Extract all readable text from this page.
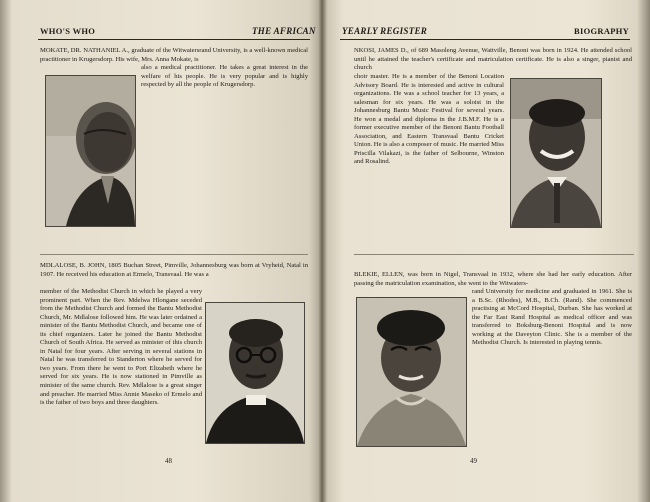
WHO'S WHO	THE AFRICAN

MOKATE, DR. NATHANIEL A., graduate of the Witwatersrand University, is a well-known medical practitioner in Krugersdorp. His wife, Mrs. Anna Mokate, is

also a medical practitioner. He takes a great interest in the welfare of his people. He is very popular and is highly respected by all the people of Krugersdorp.

MDLALOSE, B. JOHN, 1805 Buchan Street, Pimville, Johannesburg was born at Vryheid, Natal in 1907. He received his education at Ermelo, Transvaal. He was a

member of the Methodist Church in which he played a very prominent part. When the Rev. Mdelwa Hlongane seceded from the Methodist Church and formed the Bantu Methodist Church, Mr. Mdlalose followed him. He was later ordained a minister of the Bantu Methodist Church, and became one of its chief organizers. Later he joined the Bantu Methodist Church of South Africa. He served as minister of this church in Natal for four years. After serving in several stations in Natal he was transferred to Standerton where he served for two years. From there he went to Port Elizabeth where he served for six years. He is now stationed in Pimville as minister of the same church. Rev. Mdlalose is a great singer and preacher. He married Miss Annie Maseko of Ermelo and is the father of two boys and three daughters.

48
YEARLY REGISTER	BIOGRAPHY

NKOSI, JAMES D., of 689 Masoleng Avenue, Wattville, Benoni was born in 1924. He attended school until he attained the teacher's certificate and matriculation certificate. He is also a singer, pianist and church

choir master. He is a member of the Benoni Location Advisory Board. He is interested and active in cultural organizations. He was a school teacher for 13 years, a salesman for six years. He was a soloist in the Johannesburg Bantu Music Festival for several years. He won a medal and diploma in the J.B.M.F. He is a former executive member of the Benoni Bantu Football Association, and Eastern Transvaal Bantu Cricket Union. He is also a composer of music. He married Miss Priscilla Vilakazi, is the father of Selbourne, Winston and Rosalind.

BLEKIE, ELLEN, was born in Nigel, Transvaal in 1932, where she had her early education. After passing the matriculation examination, she went to the Witwaters-

rand University for medicine and graduated in 1961. She is a B.Sc. (Rhodes), M.B., B.Ch. (Rand). She commenced practising at McCord Hospital, Durban. She has worked at the Far East Rand Hospital as medical officer and was transferred to Boksburg-Benoni Hospital and is now working at the Daveyton Clinic. She is a member of the Methodist Church. Is interested in playing tennis.

49
